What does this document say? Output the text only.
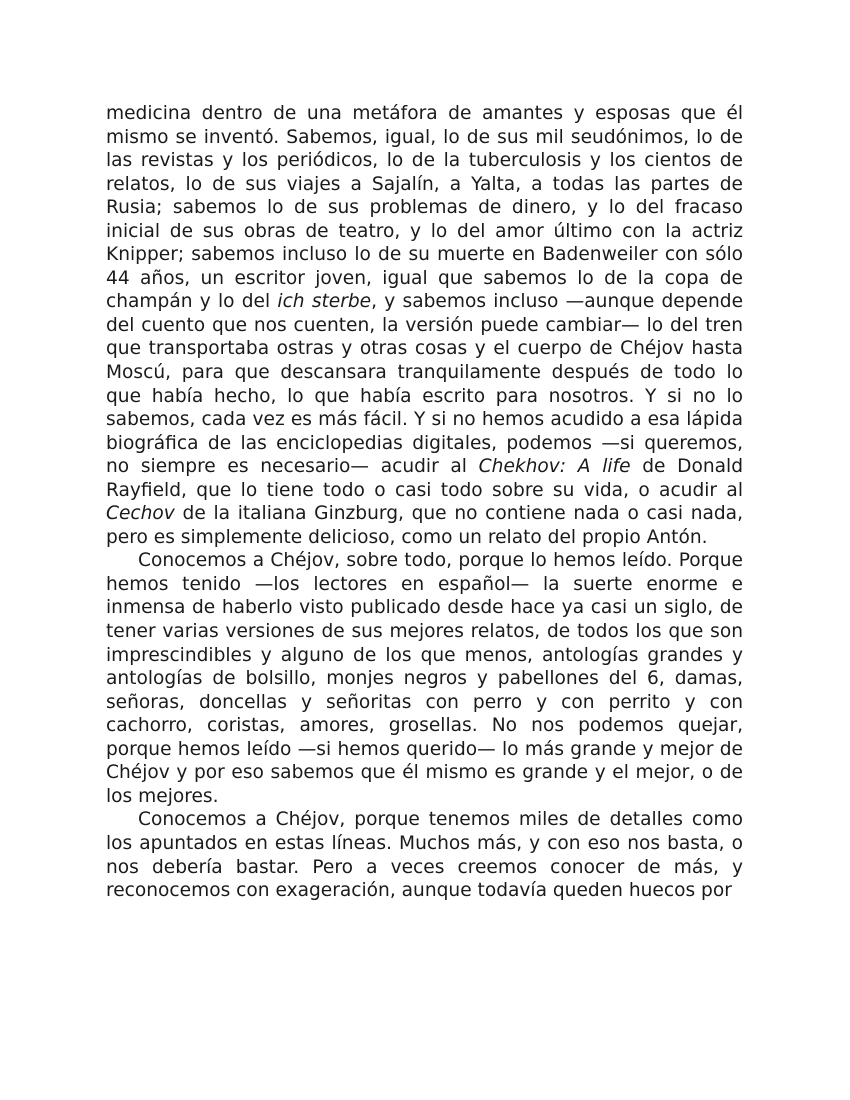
medicina dentro de una metáfora de amantes y esposas que él mismo se inventó. Sabemos, igual, lo de sus mil seudónimos, lo de las revistas y los periódicos, lo de la tuberculosis y los cientos de relatos, lo de sus viajes a Sajalín, a Yalta, a todas las partes de Rusia; sabemos lo de sus problemas de dinero, y lo del fracaso inicial de sus obras de teatro, y lo del amor último con la actriz Knipper; sabemos incluso lo de su muerte en Badenweiler con sólo 44 años, un escritor joven, igual que sabemos lo de la copa de champán y lo del ich sterbe, y sabemos incluso —aunque depende del cuento que nos cuenten, la versión puede cambiar— lo del tren que transportaba ostras y otras cosas y el cuerpo de Chéjov hasta Moscú, para que descansara tranquilamente después de todo lo que había hecho, lo que había escrito para nosotros. Y si no lo sabemos, cada vez es más fácil. Y si no hemos acudido a esa lápida biográfica de las enciclopedias digitales, podemos —si queremos, no siempre es necesario— acudir al Chekhov: A life de Donald Rayfield, que lo tiene todo o casi todo sobre su vida, o acudir al Cechov de la italiana Ginzburg, que no contiene nada o casi nada, pero es simplemente delicioso, como un relato del propio Antón.

Conocemos a Chéjov, sobre todo, porque lo hemos leído. Porque hemos tenido —los lectores en español— la suerte enorme e inmensa de haberlo visto publicado desde hace ya casi un siglo, de tener varias versiones de sus mejores relatos, de todos los que son imprescindibles y alguno de los que menos, antologías grandes y antologías de bolsillo, monjes negros y pabellones del 6, damas, señoras, doncellas y señoritas con perro y con perrito y con cachorro, coristas, amores, grosellas. No nos podemos quejar, porque hemos leído —si hemos querido— lo más grande y mejor de Chéjov y por eso sabemos que él mismo es grande y el mejor, o de los mejores.

Conocemos a Chéjov, porque tenemos miles de detalles como los apuntados en estas líneas. Muchos más, y con eso nos basta, o nos debería bastar. Pero a veces creemos conocer de más, y reconocemos con exageración, aunque todavía queden huecos por
